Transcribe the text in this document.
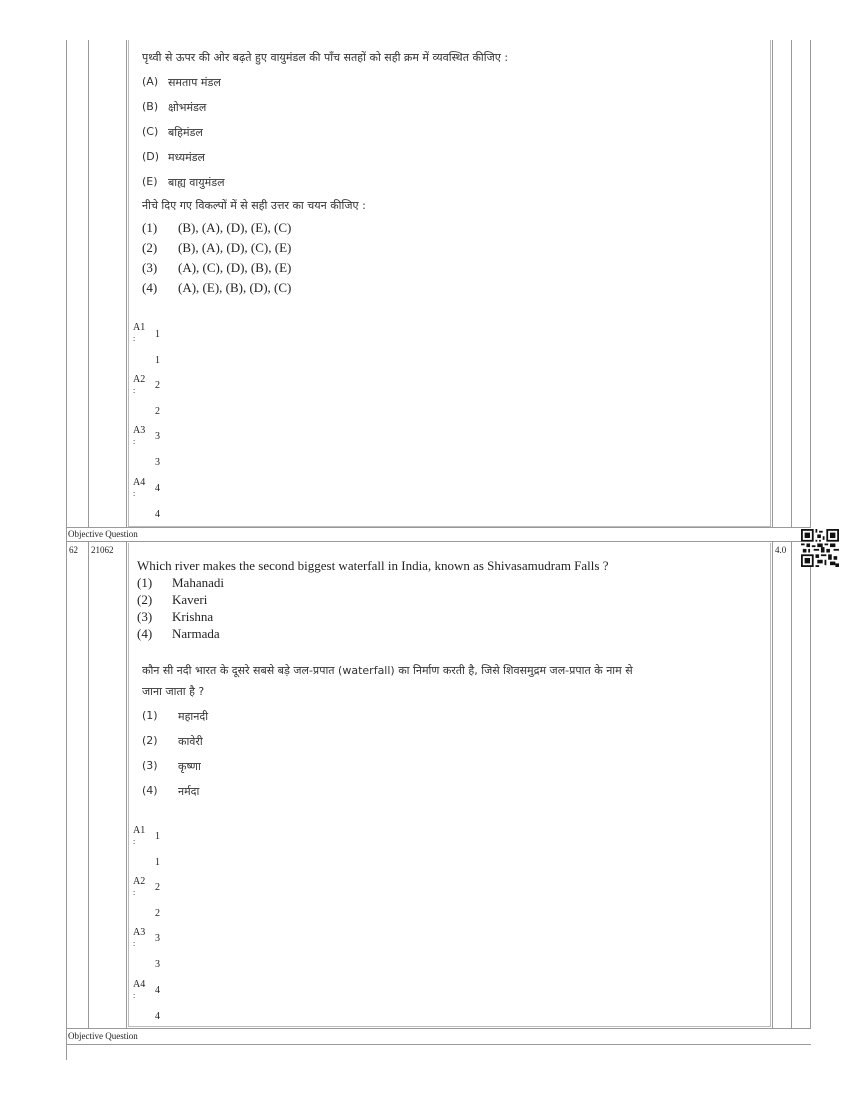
पृथ्वी से ऊपर की ओर बढ़ते हुए वायुमंडल की पाँच सतहों को सही क्रम में व्यवस्थित कीजिए :
(A) समताप मंडल
(B) क्षोभमंडल
(C) बहिमंडल
(D) मध्यमंडल
(E) बाह्य वायुमंडल
नीचे दिए गए विकल्पों में से सही उत्तर का चयन कीजिए :
(1) (B), (A), (D), (E), (C)
(2) (B), (A), (D), (C), (E)
(3) (A), (C), (D), (B), (E)
(4) (A), (E), (B), (D), (C)
A1
:	1
1
A2
:	2
2
A3
:	3
3
A4
:	4
4
Objective Question
62 21062	4.0
Which river makes the second biggest waterfall in India, known as Shivasamudram Falls ?
(1) Mahanadi
(2) Kaveri
(3) Krishna
(4) Narmada
कौन सी नदी भारत के दूसरे सबसे बड़े जल-प्रपात (waterfall) का निर्माण करती है, जिसे शिवसमुद्रम जल-प्रपात के नाम से
जाना जाता है ?
(1) महानदी
(2) कावेरी
(3) कृष्णा
(4) नर्मदा
A1
:	1
1
A2
:	2
2
A3
:	3
3
A4
:	4
4
Objective Question
